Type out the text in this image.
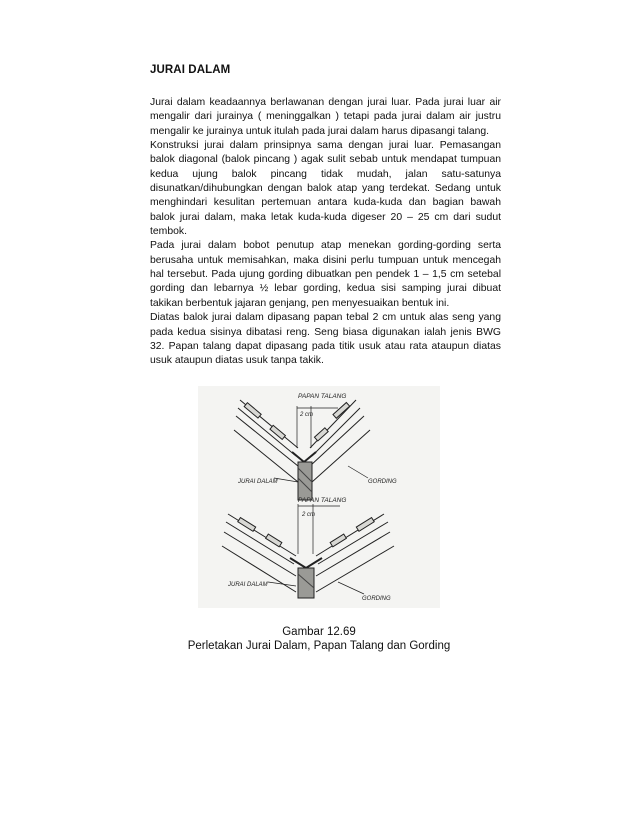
JURAI DALAM

Jurai dalam keadaannya berlawanan dengan jurai luar. Pada jurai luar air mengalir dari jurainya ( meninggalkan ) tetapi pada jurai dalam air justru mengalir ke jurainya untuk itulah pada jurai dalam harus dipasangi talang.

Konstruksi jurai dalam prinsipnya sama dengan jurai luar. Pemasangan balok diagonal (balok pincang ) agak sulit sebab untuk mendapat tumpuan kedua ujung balok pincang tidak mudah, jalan satu-satunya disunatkan/dihubungkan dengan balok atap yang terdekat. Sedang untuk menghindari kesulitan pertemuan antara kuda-kuda dan bagian bawah balok jurai dalam, maka letak kuda-kuda digeser 20 – 25 cm dari sudut tembok.

Pada jurai dalam bobot penutup atap menekan gording-gording serta berusaha untuk memisahkan, maka disini perlu tumpuan untuk mencegah hal tersebut. Pada ujung gording dibuatkan pen pendek 1 – 1,5 cm setebal gording dan lebarnya ½ lebar gording, kedua sisi samping jurai dibuat takikan berbentuk jajaran genjang, pen menyesuaikan bentuk ini.

Diatas balok jurai dalam dipasang papan tebal 2 cm untuk alas seng yang pada kedua sisinya dibatasi reng. Seng biasa digunakan ialah jenis BWG 32. Papan talang dapat dipasang pada titik usuk atau rata ataupun diatas usuk ataupun diatas usuk tanpa takik.

PAPAN TALANG
2 cm
JURAI DALAM	GORDING
PAPAN TALANG
2 cm
JURAI DALAM
GORDING
Gambar 12.69
Perletakan Jurai Dalam, Papan Talang dan Gording
